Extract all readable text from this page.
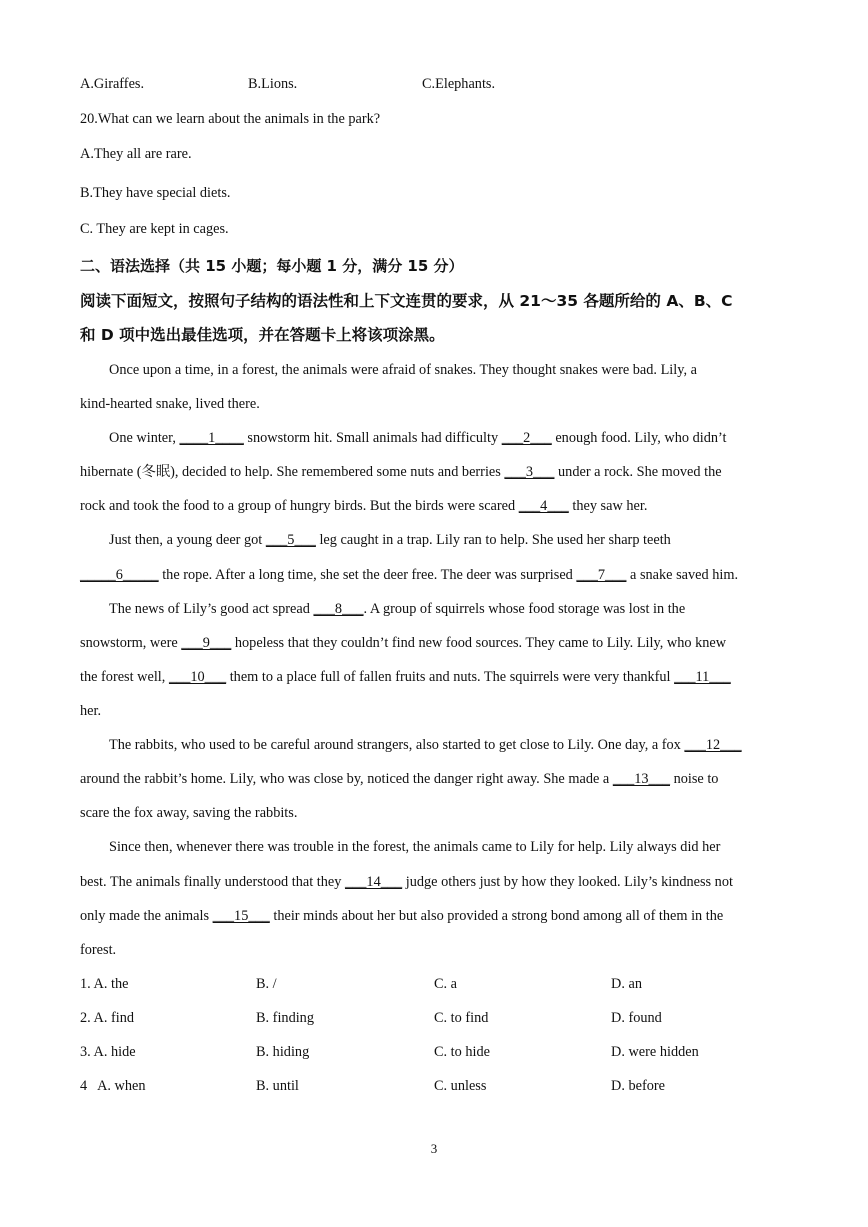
A.Giraffes.	B.Lions.	C.Elephants.
20.What can we learn about the animals in the park?
A.They all are rare.
B.They have special diets.
C. They are kept in cages.
二、语法选择（共 15 小题；每小题 1 分，满分 15 分）
阅读下面短文，按照句子结构的语法性和上下文连贯的要求，从 21～35 各题所给的 A、B、C
和 D 项中选出最佳选项，并在答题卡上将该项涂黑。
Once upon a time, in a forest, the animals were afraid of snakes. They thought snakes were bad. Lily, a
kind-hearted snake, lived there.
One winter, ____1____ snowstorm hit. Small animals had difficulty ___2___ enough food. Lily, who didn’t
hibernate (冬眠), decided to help. She remembered some nuts and berries ___3___ under a rock. She moved the
rock and took the food to a group of hungry birds. But the birds were scared ___4___ they saw her.
Just then, a young deer got ___5___ leg caught in a trap. Lily ran to help. She used her sharp teeth
_____6_____ the rope. After a long time, she set the deer free. The deer was surprised ___7___ a snake saved him.
The news of Lily’s good act spread ___8___. A group of squirrels whose food storage was lost in the
snowstorm, were ___9___ hopeless that they couldn’t find new food sources. They came to Lily. Lily, who knew
the forest well, ___10___ them to a place full of fallen fruits and nuts. The squirrels were very thankful ___11___
her.
The rabbits, who used to be careful around strangers, also started to get close to Lily. One day, a fox ___12___
around the rabbit’s home. Lily, who was close by, noticed the danger right away. She made a ___13___ noise to
scare the fox away, saving the rabbits.
Since then, whenever there was trouble in the forest, the animals came to Lily for help. Lily always did her
best. The animals finally understood that they ___14___ judge others just by how they looked. Lily’s kindness not
only made the animals ___15___ their minds about her but also provided a strong bond among all of them in the
forest.
1. A. the	B. /	C. a	D. an
2. A. find	B. finding	C. to find	D. found
3. A. hide	B. hiding	C. to hide	D. were hidden
4   A. when	B. until	C. unless	D. before
3
